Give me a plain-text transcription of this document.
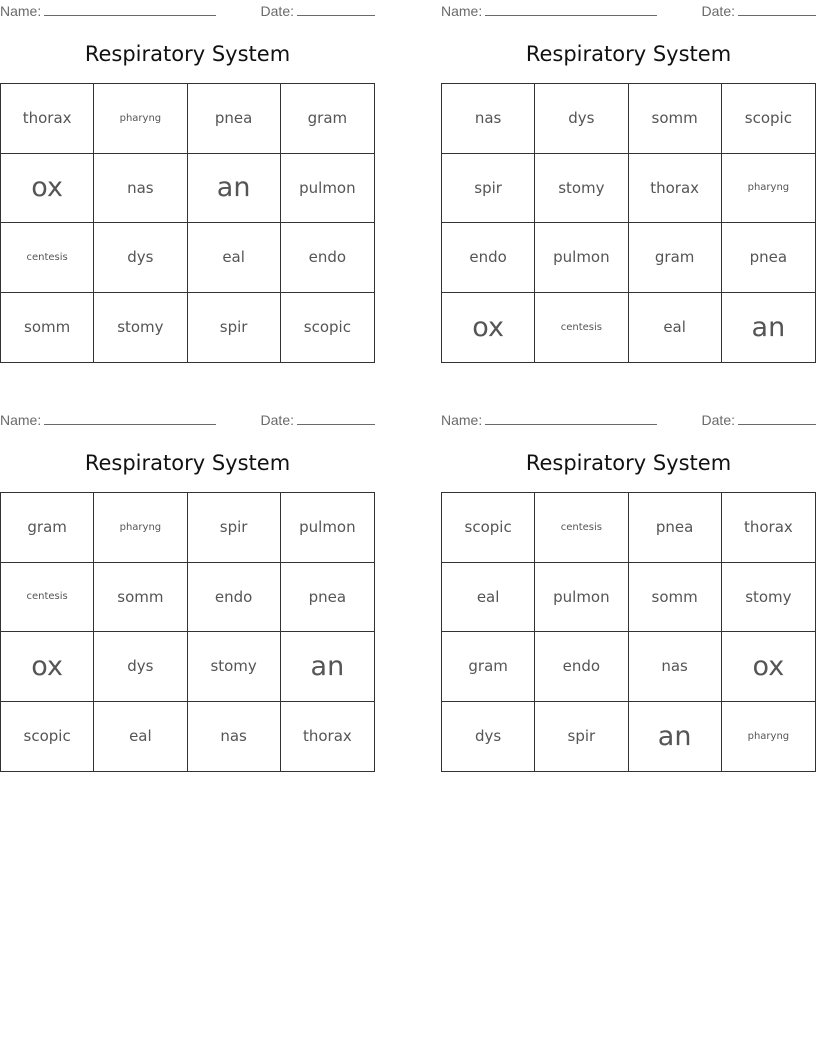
Name:	Date:
Respiratory System
thorax	pharyng	pnea	gram
ox	nas	an	pulmon
centesis	dys	eal	endo
somm	stomy	spir	scopic
Name:	Date:
Respiratory System
nas	dys	somm	scopic
spir	stomy	thorax	pharyng
endo	pulmon	gram	pnea
ox	centesis	eal	an
Name:	Date:
Respiratory System
gram	pharyng	spir	pulmon
centesis	somm	endo	pnea
ox	dys	stomy	an
scopic	eal	nas	thorax
Name:	Date:
Respiratory System
scopic	centesis	pnea	thorax
eal	pulmon	somm	stomy
gram	endo	nas	ox
dys	spir	an	pharyng
